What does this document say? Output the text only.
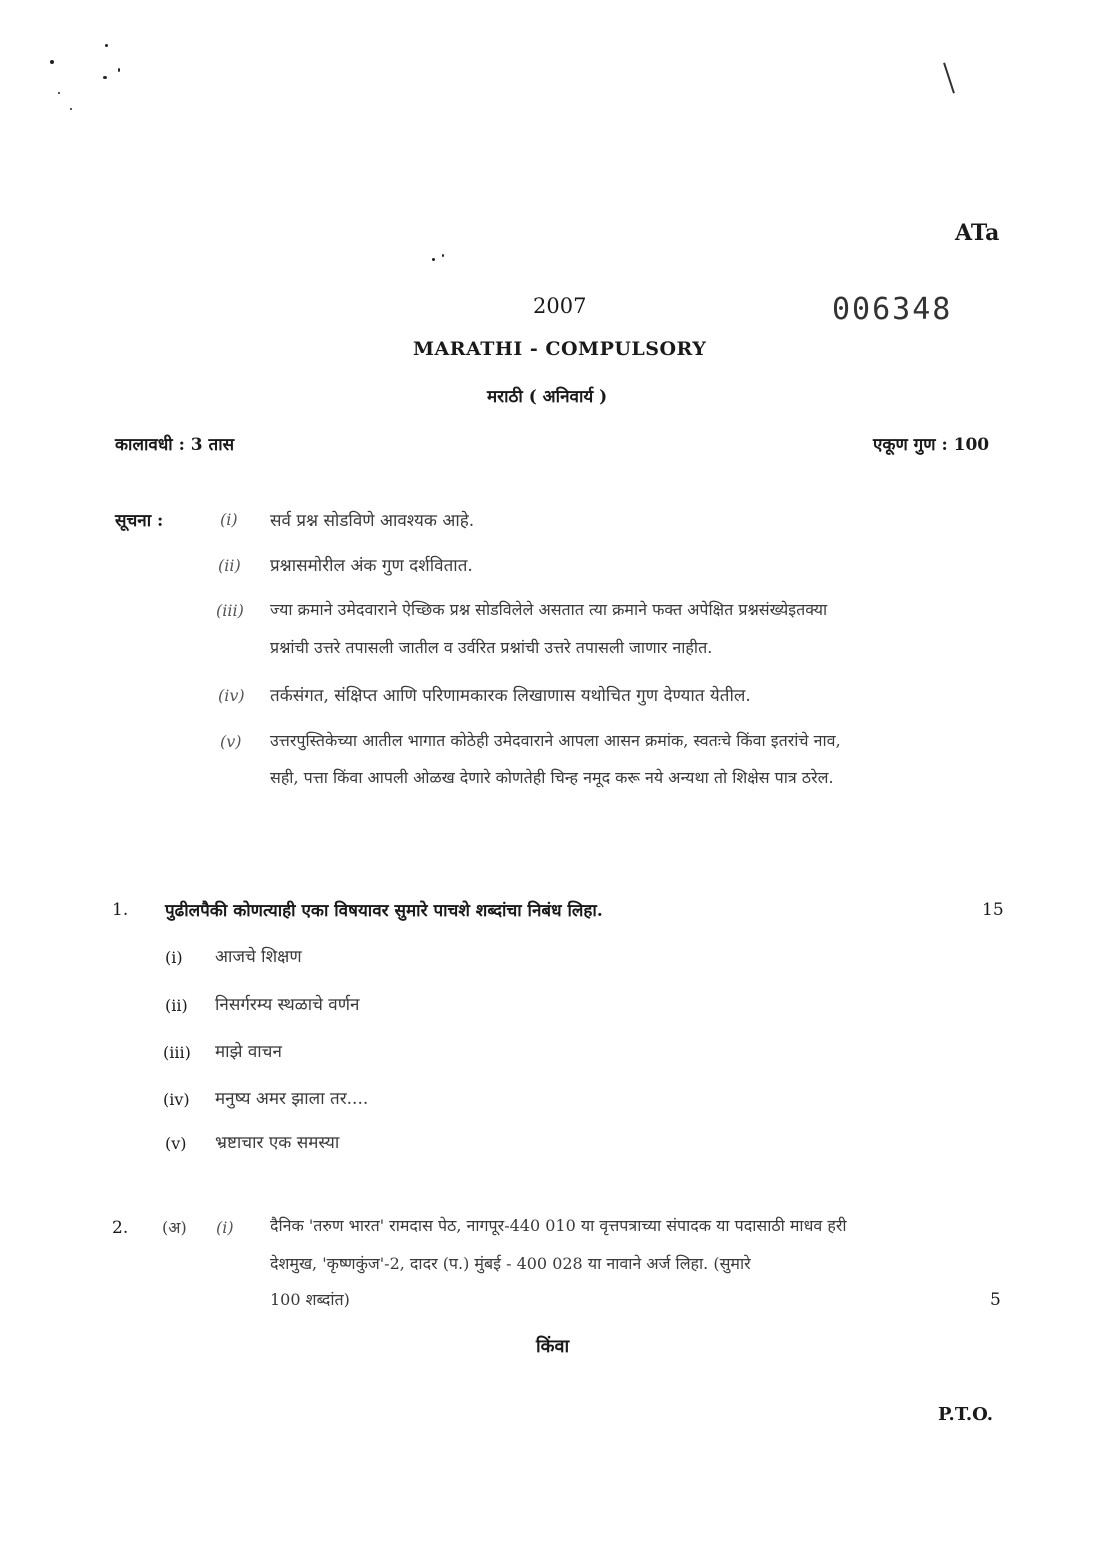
ATa
2007	006348
MARATHI - COMPULSORY
मराठी ( अनिवार्य )
कालावधी : 3 तास	एकूण गुण : 100
सूचना :	(i) सर्व प्रश्न सोडविणे आवश्यक आहे.
(ii) प्रश्नासमोरील अंक गुण दर्शवितात.
(iii) ज्या क्रमाने उमेदवाराने ऐच्छिक प्रश्न सोडविलेले असतात त्या क्रमाने फक्त अपेक्षित प्रश्नसंख्येइतक्या
प्रश्नांची उत्तरे तपासली जातील व उर्वरित प्रश्नांची उत्तरे तपासली जाणार नाहीत.
(iv) तर्कसंगत, संक्षिप्त आणि परिणामकारक लिखाणास यथोचित गुण देण्यात येतील.
(v) उत्तरपुस्तिकेच्या आतील भागात कोठेही उमेदवाराने आपला आसन क्रमांक, स्वतःचे किंवा इतरांचे नाव,
सही, पत्ता किंवा आपली ओळख देणारे कोणतेही चिन्ह नमूद करू नये अन्यथा तो शिक्षेस पात्र ठरेल.
1. पुढीलपैकी कोणत्याही एका विषयावर सुमारे पाचशे शब्दांचा निबंध लिहा.	15
(i) आजचे शिक्षण
(ii) निसर्गरम्य स्थळाचे वर्णन
(iii) माझे वाचन
(iv) मनुष्य अमर झाला तर....
(v) भ्रष्टाचार एक समस्या
2. (अ) (i) दैनिक 'तरुण भारत' रामदास पेठ, नागपूर-440 010 या वृत्तपत्राच्या संपादक या पदासाठी माधव हरी
देशमुख, 'कृष्णकुंज'-2, दादर (प.) मुंबई - 400 028 या नावाने अर्ज लिहा. (सुमारे
100 शब्दांत)	5
किंवा
P.T.O.
